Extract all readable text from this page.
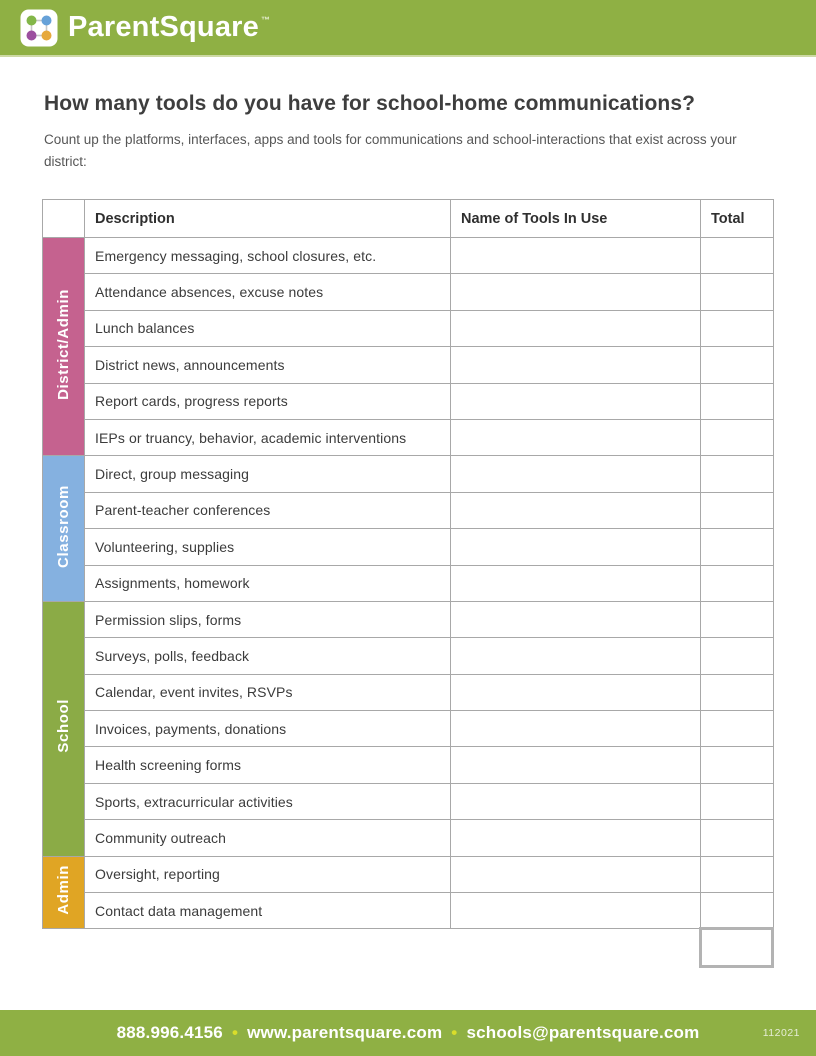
ParentSquare ™
How many tools do you have for school-home communications?
Count up the platforms, interfaces, apps and tools for communications and school-interactions that exist across your district:
	Description	Name of Tools In Use	Total
District/Admin	Emergency messaging, school closures, etc.		
	Attendance absences, excuse notes		
	Lunch balances		
	District news, announcements		
	Report cards, progress reports		
	IEPs or truancy, behavior, academic interventions		
Classroom	Direct, group messaging		
	Parent-teacher conferences		
	Volunteering, supplies		
	Assignments, homework		
School	Permission slips, forms		
	Surveys, polls, feedback		
	Calendar, event invites, RSVPs		
	Invoices, payments, donations		
	Health screening forms		
	Sports, extracurricular activities		
	Community outreach		
Admin	Oversight, reporting		
	Contact data management		
888.996.4156 • www.parentsquare.com • schools@parentsquare.com	112021
